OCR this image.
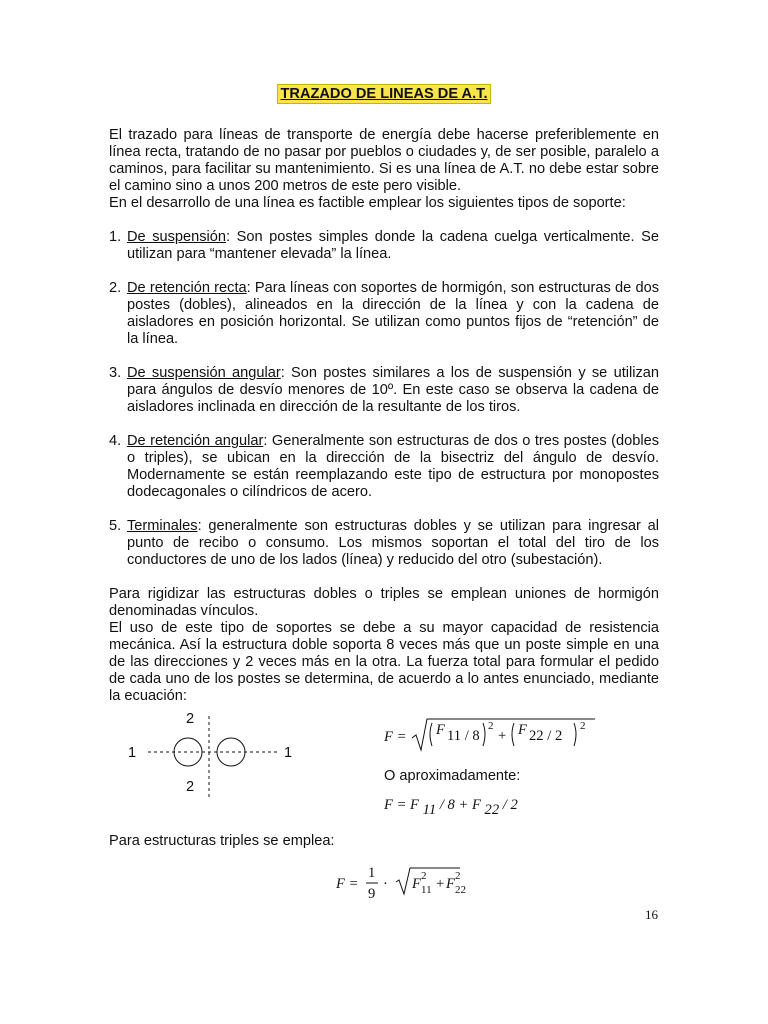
TRAZADO DE LINEAS DE A.T.

El trazado para líneas de transporte de energía debe hacerse preferiblemente en línea recta, tratando de no pasar por pueblos o ciudades y, de ser posible, paralelo a caminos, para facilitar su mantenimiento. Si es una línea de A.T. no debe estar sobre el camino sino a unos 200 metros de este pero visible.

En el desarrollo de una línea es factible emplear los siguientes tipos de soporte:

1. De suspensión: Son postes simples donde la cadena cuelga verticalmente. Se utilizan para “mantener elevada” la línea.
2. De retención recta: Para líneas con soportes de hormigón, son estructuras de dos postes (dobles), alineados en la dirección de la línea y con la cadena de aisladores en posición horizontal. Se utilizan como puntos fijos de “retención” de la línea.
3. De suspensión angular: Son postes similares a los de suspensión y se utilizan para ángulos de desvío menores de 10º. En este caso se observa la cadena de aisladores inclinada en dirección de la resultante de los tiros.
4. De retención angular: Generalmente son estructuras de dos o tres postes (dobles o triples), se ubican en la dirección de la bisectriz del ángulo de desvío. Modernamente se están reemplazando este tipo de estructura por monopostes dodecagonales o cilíndricos de acero.
5. Terminales: generalmente son estructuras dobles y se utilizan para ingresar al punto de recibo o consumo. Los mismos soportan el total del tiro de los conductores de uno de los lados (línea) y reducido del otro (subestación).

Para rigidizar las estructuras dobles o triples se emplean uniones de hormigón denominadas vínculos.

El uso de este tipo de soportes se debe a su mayor capacidad de resistencia mecánica. Así la estructura doble soporta 8 veces más que un poste simple en una de las direcciones y 2 veces más en la otra. La fuerza total para formular el pedido de cada uno de los postes se determina, de acuerdo a lo antes enunciado, mediante la ecuación:

2
2
1	1
F = F 11 / 8
2
+ F 22 / 2
2
O aproximadamente:
F = F 11 / 8 + F 22 / 2
Para estructuras triples se emplea:
F =
1
9
· F 2
11 + F 2
22
16
